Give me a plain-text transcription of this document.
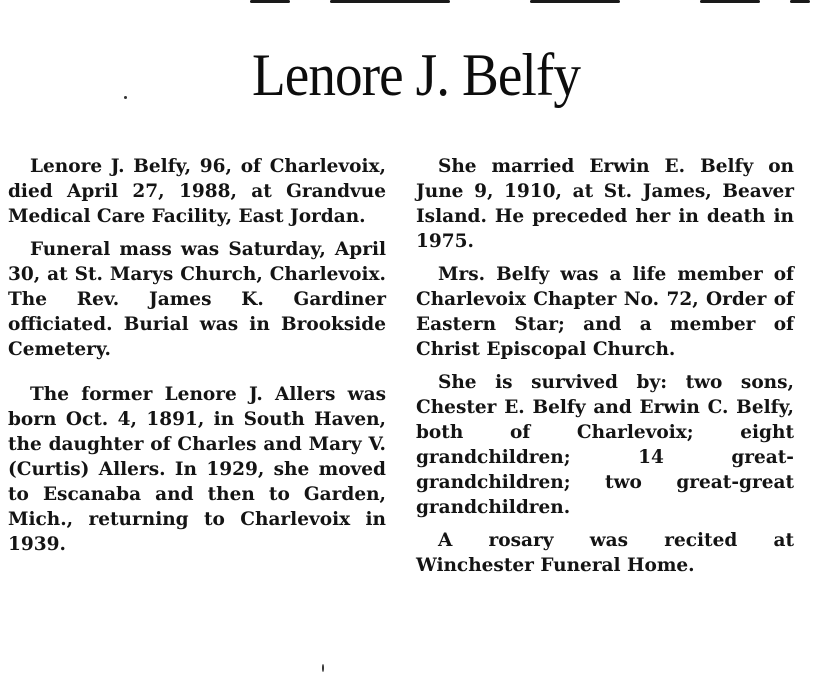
Lenore J. Belfy

Lenore J. Belfy, 96, of Charlevoix, died April 27, 1988, at Grandvue Medical Care Facility, East Jordan.

Funeral mass was Saturday, April 30, at St. Marys Church, Charlevoix. The Rev. James K. Gardiner officiated. Burial was in Brookside Cemetery.

The former Lenore J. Allers was born Oct. 4, 1891, in South Haven, the daughter of Charles and Mary V. (Curtis) Allers. In 1929, she moved to Escanaba and then to Garden, Mich., returning to Charlevoix in 1939.

She married Erwin E. Belfy on June 9, 1910, at St. James, Beaver Island. He preceded her in death in 1975.

Mrs. Belfy was a life member of Charlevoix Chapter No. 72, Order of Eastern Star; and a member of Christ Episcopal Church.

She is survived by: two sons, Chester E. Belfy and Erwin C. Belfy, both of Charlevoix; eight grandchildren; 14 great-grandchildren; two great-great grandchildren.

A rosary was recited at Winchester Funeral Home.
